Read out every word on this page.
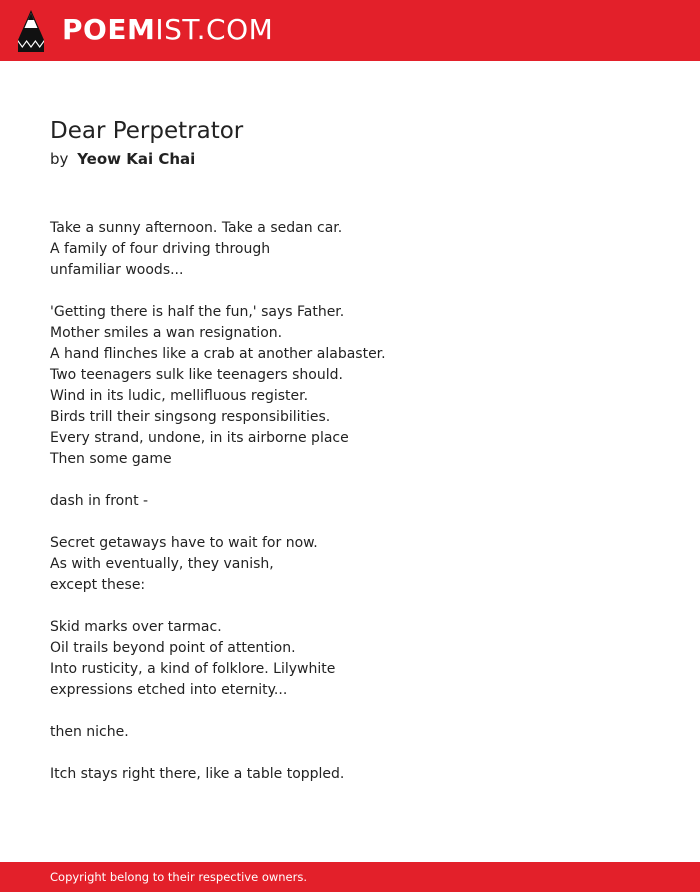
POEMIST.COM
Dear Perpetrator
by Yeow Kai Chai
Take a sunny afternoon. Take a sedan car.
A family of four driving through
unfamiliar woods...
'Getting there is half the fun,' says Father.
Mother smiles a wan resignation.
A hand flinches like a crab at another alabaster.
Two teenagers sulk like teenagers should.
Wind in its ludic, mellifluous register.
Birds trill their singsong responsibilities.
Every strand, undone, in its airborne place
Then some game
dash in front -
Secret getaways have to wait for now.
As with eventually, they vanish,
except these:
Skid marks over tarmac.
Oil trails beyond point of attention.
Into rusticity, a kind of folklore. Lilywhite
expressions etched into eternity...
then niche.
Itch stays right there, like a table toppled.
Copyright belong to their respective owners.
